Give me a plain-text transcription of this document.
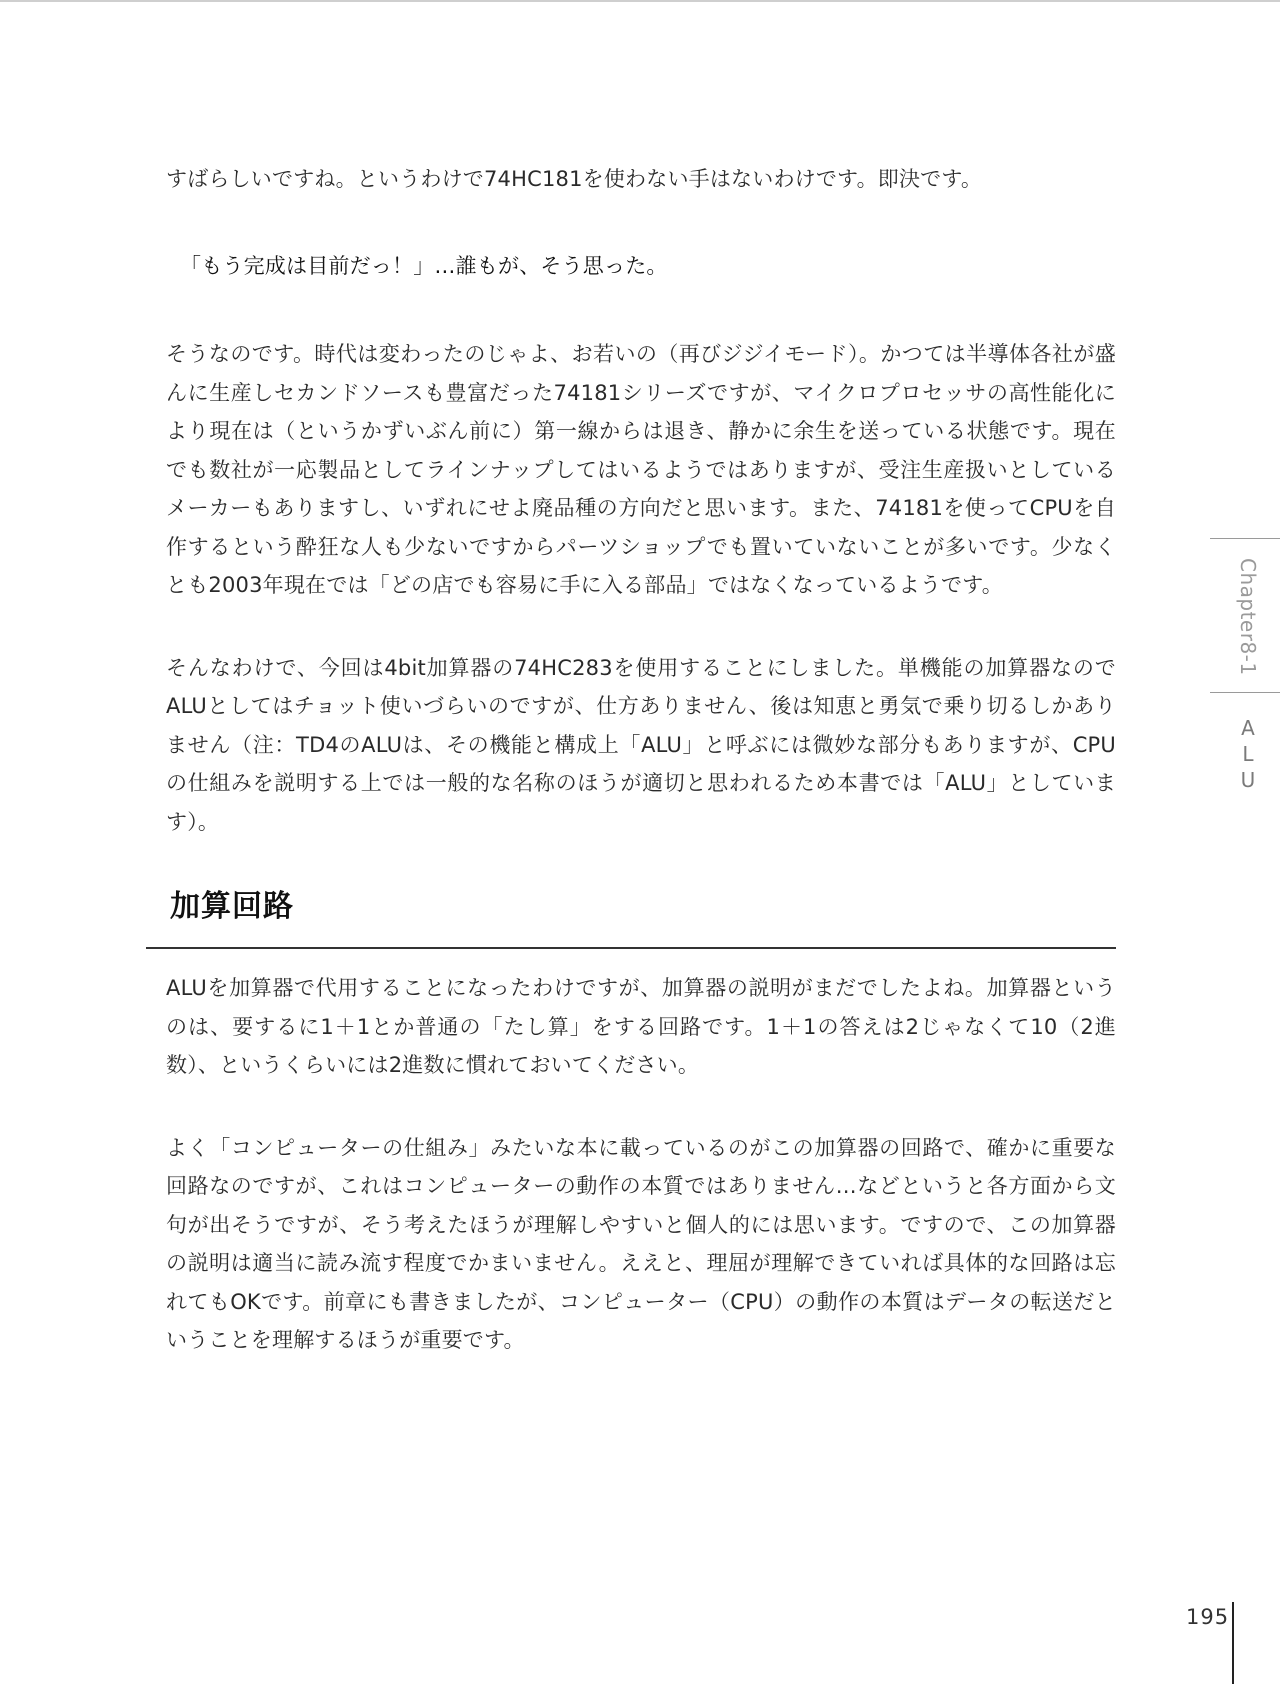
すばらしいですね。というわけで74HC181を使わない手はないわけです。即決です。

「もう完成は目前だっ！」…誰もが、そう思った。

そうなのです。時代は変わったのじゃよ、お若いの（再びジジイモード）。かつては半導体各社が盛んに生産しセカンドソースも豊富だった74181シリーズですが、マイクロプロセッサの高性能化により現在は（というかずいぶん前に）第一線からは退き、静かに余生を送っている状態です。現在でも数社が一応製品としてラインナップしてはいるようではありますが、受注生産扱いとしているメーカーもありますし、いずれにせよ廃品種の方向だと思います。また、74181を使ってCPUを自作するという酔狂な人も少ないですからパーツショップでも置いていないことが多いです。少なくとも2003年現在では「どの店でも容易に手に入る部品」ではなくなっているようです。

そんなわけで、今回は4bit加算器の74HC283を使用することにしました。単機能の加算器なのでALUとしてはチョット使いづらいのですが、仕方ありません、後は知恵と勇気で乗り切るしかありません（注：TD4のALUは、その機能と構成上「ALU」と呼ぶには微妙な部分もありますが、CPUの仕組みを説明する上では一般的な名称のほうが適切と思われるため本書では「ALU」としています）。

加算回路

ALUを加算器で代用することになったわけですが、加算器の説明がまだでしたよね。加算器というのは、要するに1＋1とか普通の「たし算」をする回路です。1＋1の答えは2じゃなくて10（2進数）、というくらいには2進数に慣れておいてください。

よく「コンピューターの仕組み」みたいな本に載っているのがこの加算器の回路で、確かに重要な回路なのですが、これはコンピューターの動作の本質ではありません…などというと各方面から文句が出そうですが、そう考えたほうが理解しやすいと個人的には思います。ですので、この加算器の説明は適当に読み流す程度でかまいません。ええと、理屈が理解できていれば具体的な回路は忘れてもOKです。前章にも書きましたが、コンピューター（CPU）の動作の本質はデータの転送だということを理解するほうが重要です。

Chapter8-1
ALU
195
